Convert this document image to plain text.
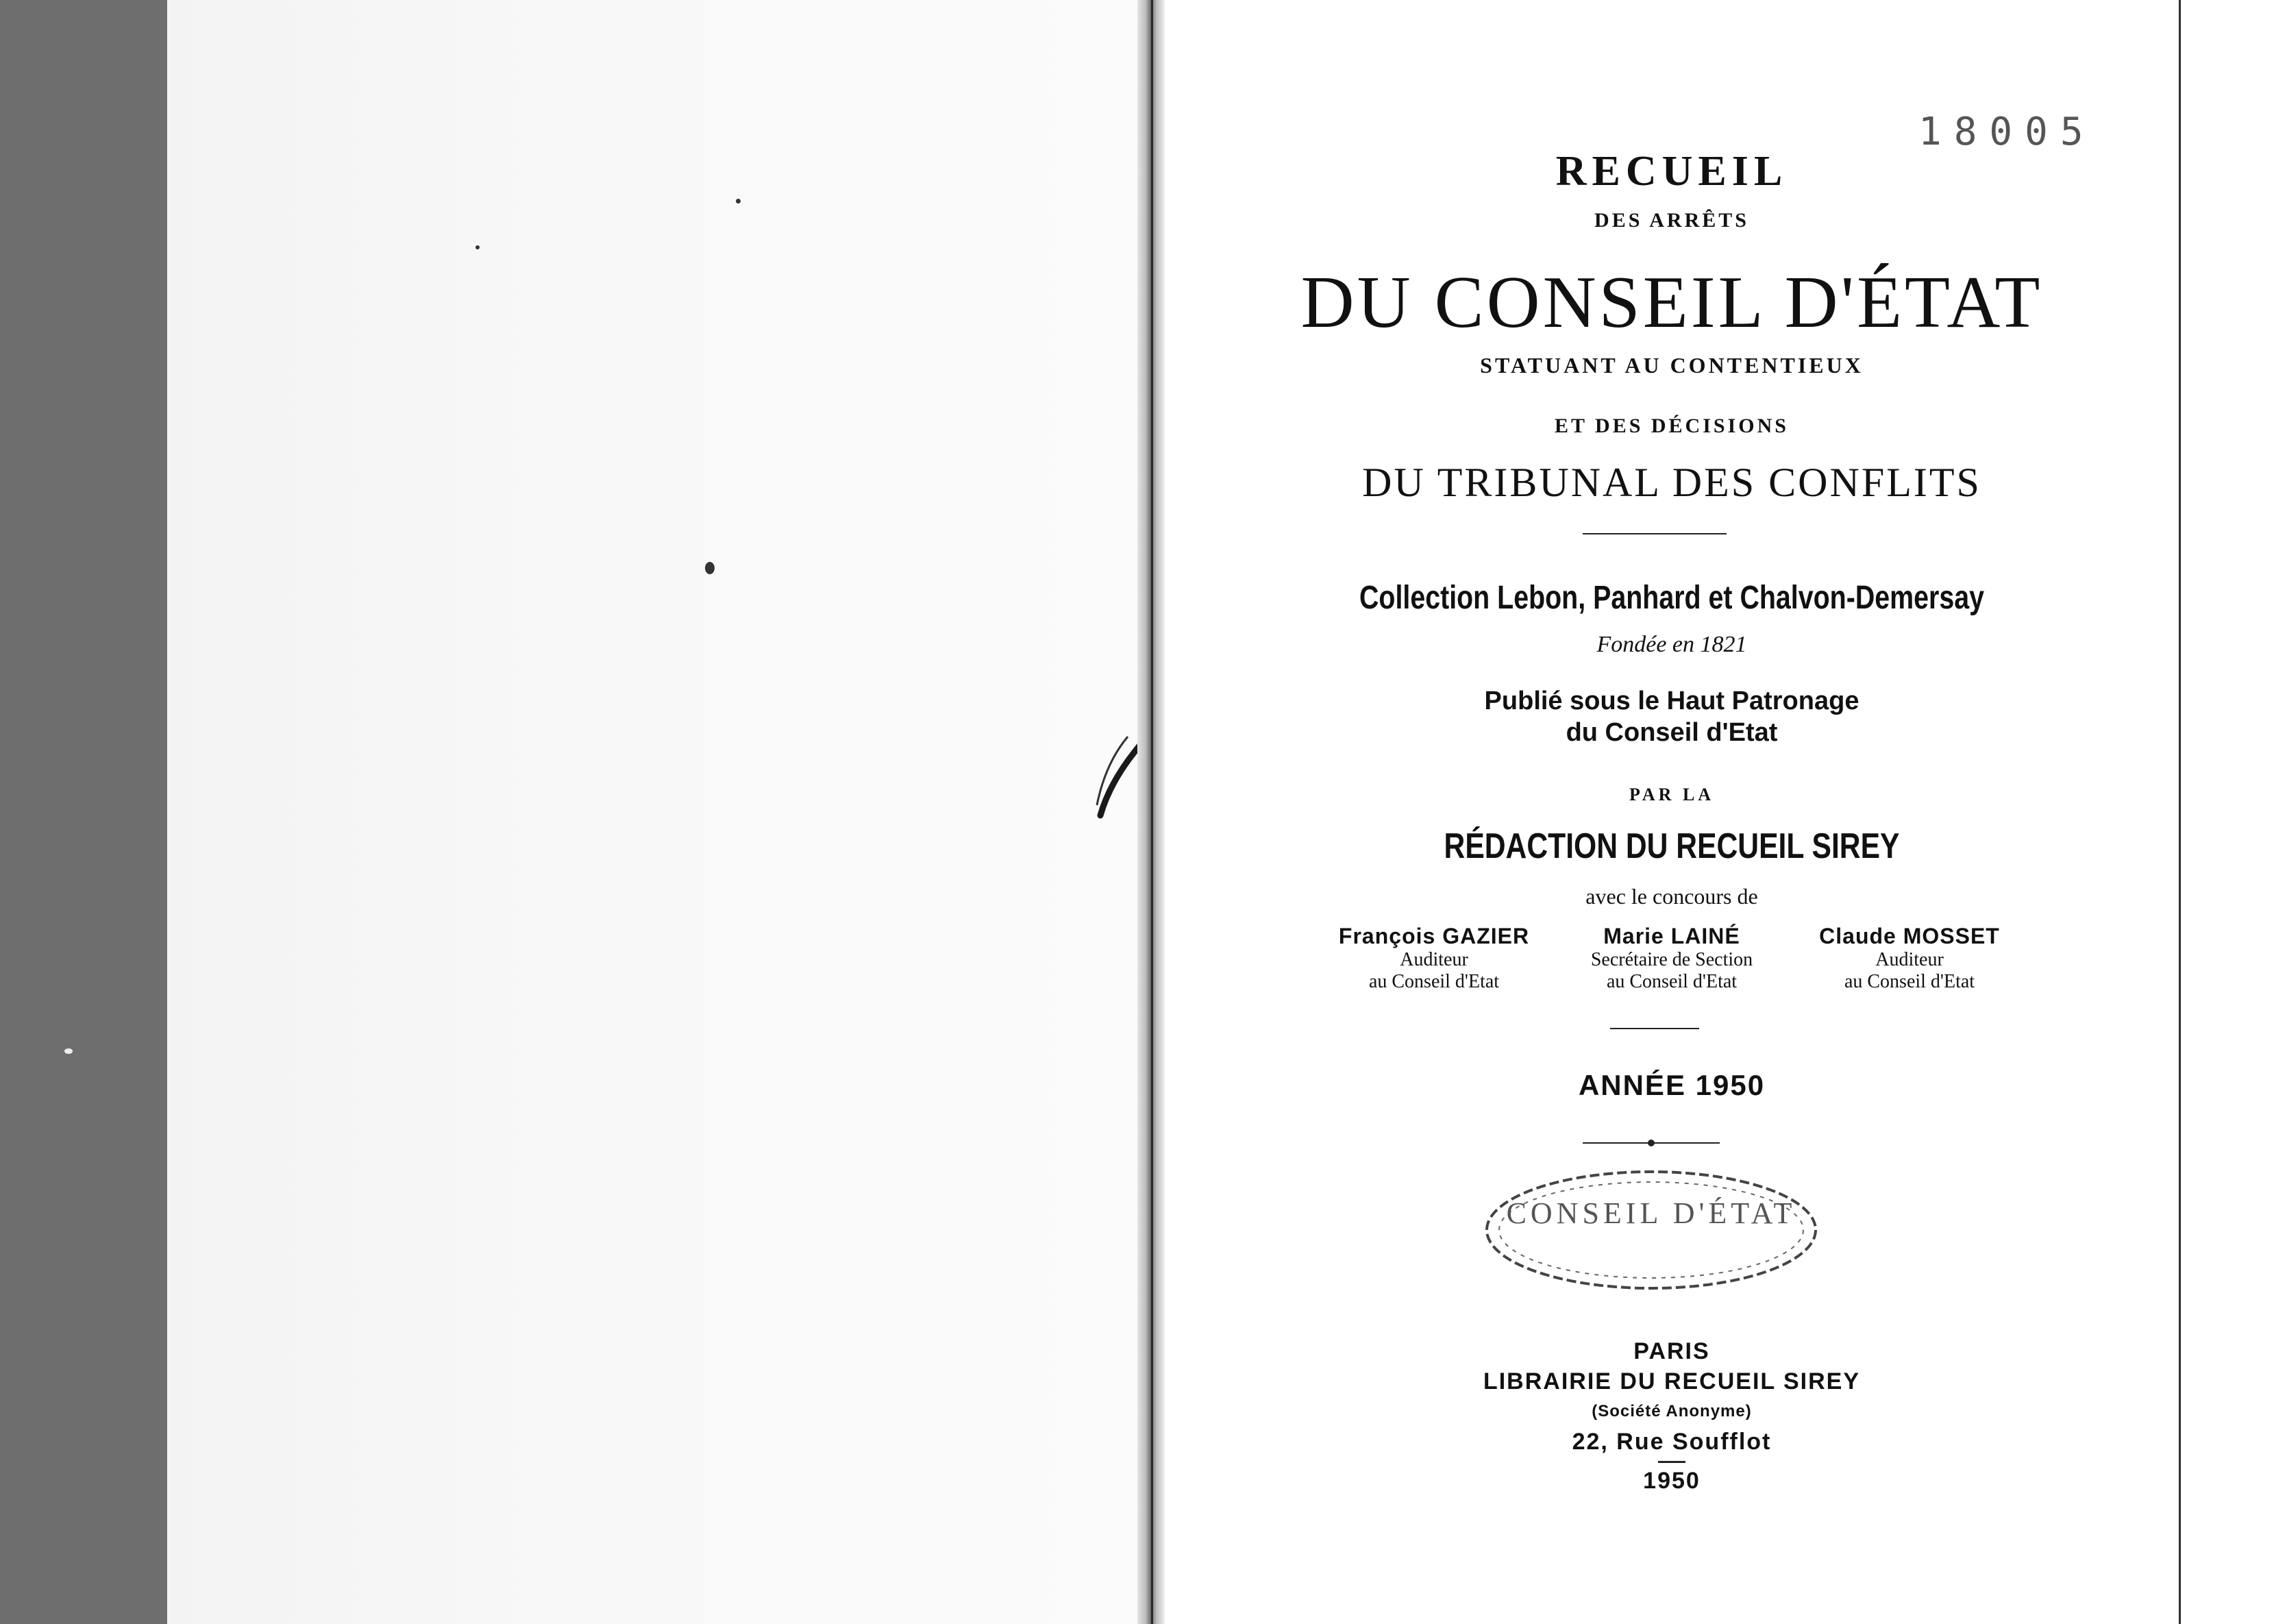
18005
RECUEIL
DES ARRÊTS
DU CONSEIL D'ÉTAT
STATUANT AU CONTENTIEUX
ET DES DÉCISIONS
DU TRIBUNAL DES CONFLITS
Collection Lebon, Panhard et Chalvon-Demersay
Fondée en 1821
Publié sous le Haut Patronage
du Conseil d'Etat
PAR LA
RÉDACTION DU RECUEIL SIREY
avec le concours de
François GAZIER
Auditeur
au Conseil d'Etat
Marie LAINÉ
Secrétaire de Section
au Conseil d'Etat
Claude MOSSET
Auditeur
au Conseil d'Etat
ANNÉE 1950
CONSEIL D'ÉTAT
PARIS
LIBRAIRIE DU RECUEIL SIREY
(Société Anonyme)
22, Rue Soufflot
1950
